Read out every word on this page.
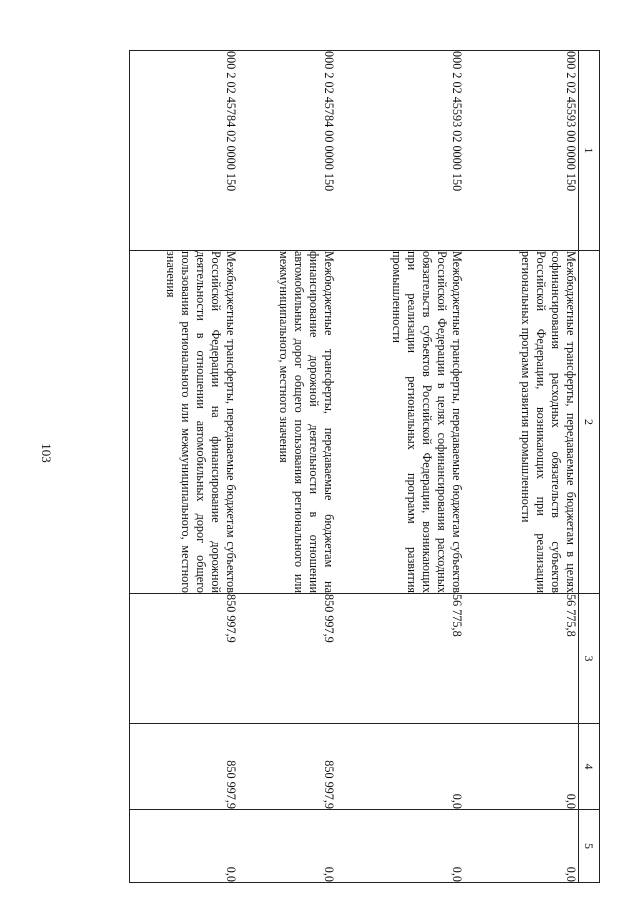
103
1	2	3	4	5
000 2 02 45593 00 0000 150	Межбюджетные трансферты, передаваемые бюджетам в целях софинансирования расходных обязательств субъектов Российской Федерации, возникающих при реализации региональных программ развития промышленности	56 775,8	0,0	0,0
000 2 02 45593 02 0000 150	Межбюджетные трансферты, передаваемые бюджетам субъектов Российской Федерации в целях софинансирования расходных обязательств субъектов Российской Федерации, возникающих при реализации региональных программ развития промышленности	56 775,8	0,0	0,0
000 2 02 45784 00 0000 150	Межбюджетные трансферты, передаваемые бюджетам на финансирование дорожной деятельности в отношении автомобильных дорог общего пользования регионального или межмуниципального, местного значения	850 997,9	850 997,9	0,0
000 2 02 45784 02 0000 150	Межбюджетные трансферты, передаваемые бюджетам субъектов Российской Федерации на финансирование дорожной деятельности в отношении автомобильных дорог общего пользования регионального или межмуниципального, местного значения	850 997,9	850 997,9	0,0
